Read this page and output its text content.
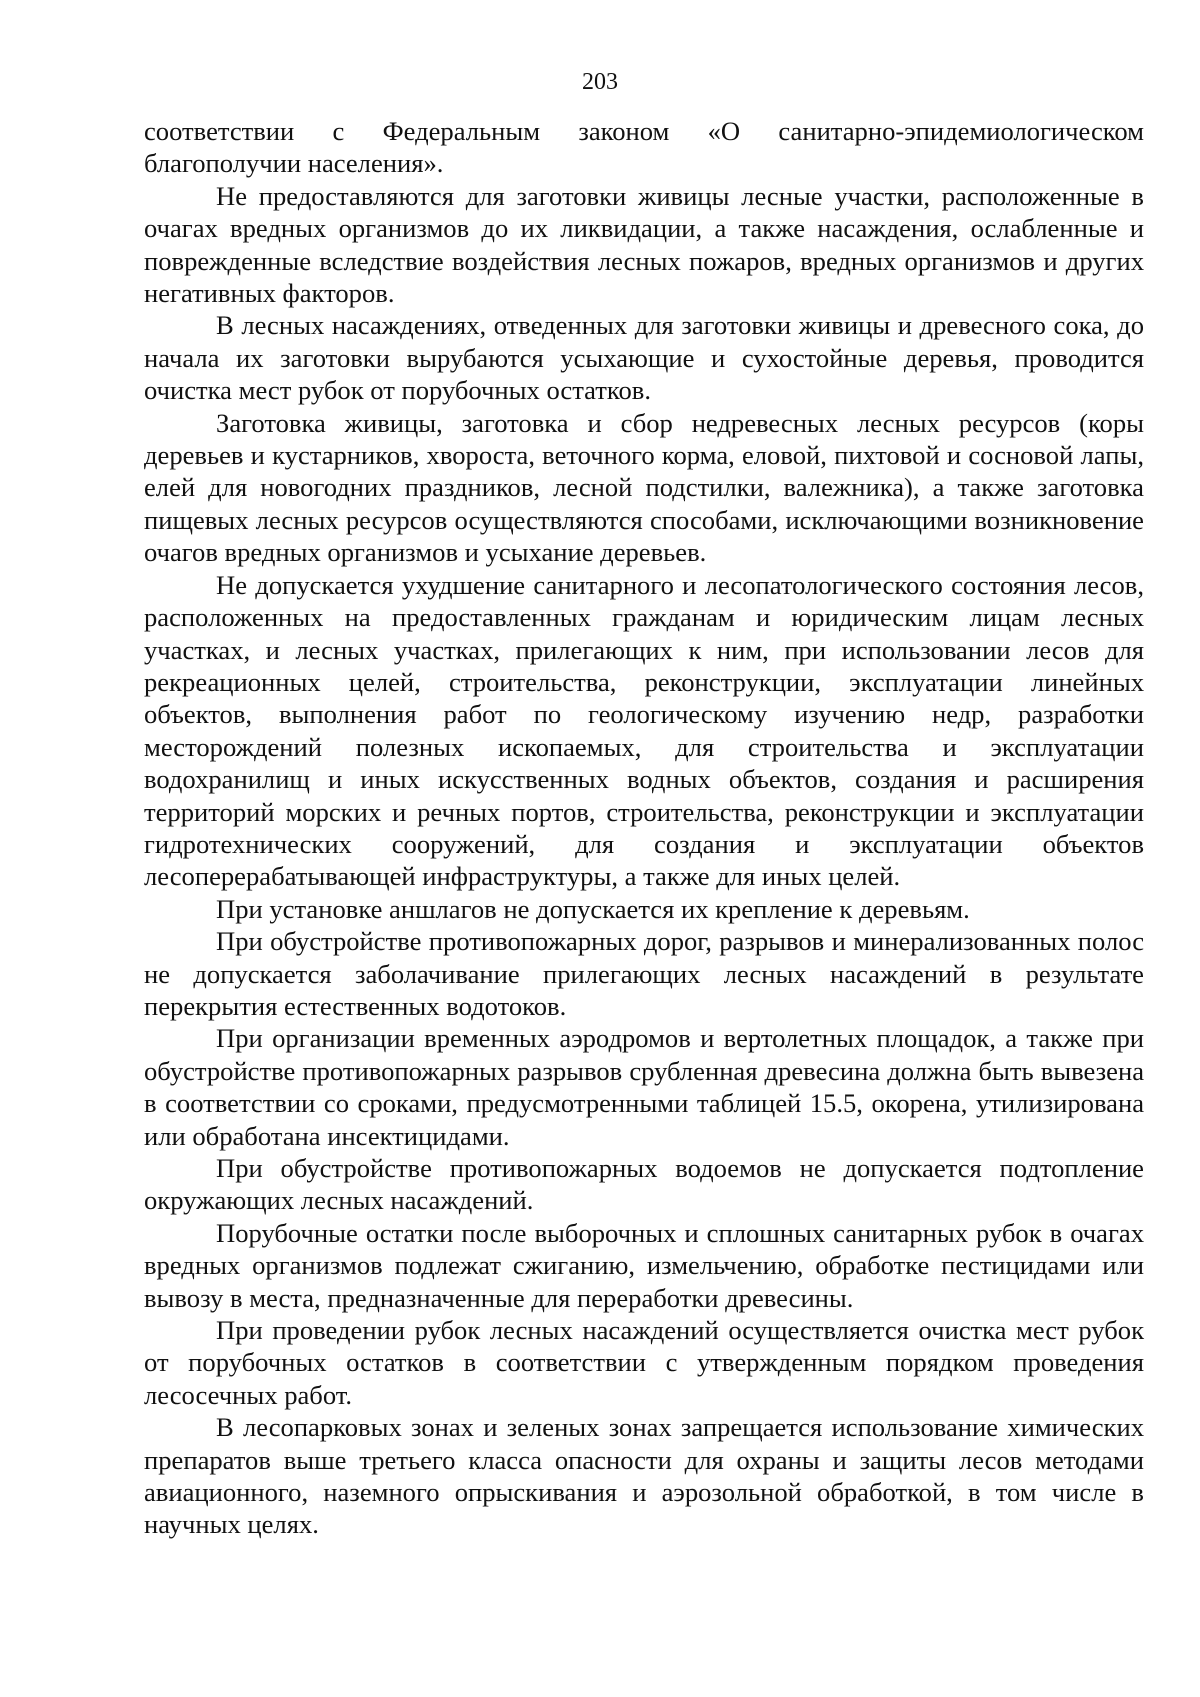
203

соответствии с Федеральным законом «О санитарно-эпидемиологическом благополучии населения».

Не предоставляются для заготовки живицы лесные участки, расположенные в очагах вредных организмов до их ликвидации, а также насаждения, ослабленные и поврежденные вследствие воздействия лесных пожаров, вредных организмов и других негативных факторов.

В лесных насаждениях, отведенных для заготовки живицы и древесного сока, до начала их заготовки вырубаются усыхающие и сухостойные деревья, проводится очистка мест рубок от порубочных остатков.

Заготовка живицы, заготовка и сбор недревесных лесных ресурсов (коры деревьев и кустарников, хвороста, веточного корма, еловой, пихтовой и сосновой лапы, елей для новогодних праздников, лесной подстилки, валежника), а также заготовка пищевых лесных ресурсов осуществляются способами, исключающими возникновение очагов вредных организмов и усыхание деревьев.

Не допускается ухудшение санитарного и лесопатологического состояния лесов, расположенных на предоставленных гражданам и юридическим лицам лесных участках, и лесных участках, прилегающих к ним, при использовании лесов для рекреационных целей, строительства, реконструкции, эксплуатации линейных объектов, выполнения работ по геологическому изучению недр, разработки месторождений полезных ископаемых, для строительства и эксплуатации водохранилищ и иных искусственных водных объектов, создания и расширения территорий морских и речных портов, строительства, реконструкции и эксплуатации гидротехнических сооружений, для создания и эксплуатации объектов лесоперерабатывающей инфраструктуры, а также для иных целей.

При установке аншлагов не допускается их крепление к деревьям.

При обустройстве противопожарных дорог, разрывов и минерализованных полос не допускается заболачивание прилегающих лесных насаждений в результате перекрытия естественных водотоков.

При организации временных аэродромов и вертолетных площадок, а также при обустройстве противопожарных разрывов срубленная древесина должна быть вывезена в соответствии со сроками, предусмотренными таблицей 15.5, окорена, утилизирована или обработана инсектицидами.

При обустройстве противопожарных водоемов не допускается подтопление окружающих лесных насаждений.

Порубочные остатки после выборочных и сплошных санитарных рубок в очагах вредных организмов подлежат сжиганию, измельчению, обработке пестицидами или вывозу в места, предназначенные для переработки древесины.

При проведении рубок лесных насаждений осуществляется очистка мест рубок от порубочных остатков в соответствии с утвержденным порядком проведения лесосечных работ.

В лесопарковых зонах и зеленых зонах запрещается использование химических препаратов выше третьего класса опасности для охраны и защиты лесов методами авиационного, наземного опрыскивания и аэрозольной обработкой, в том числе в научных целях.
